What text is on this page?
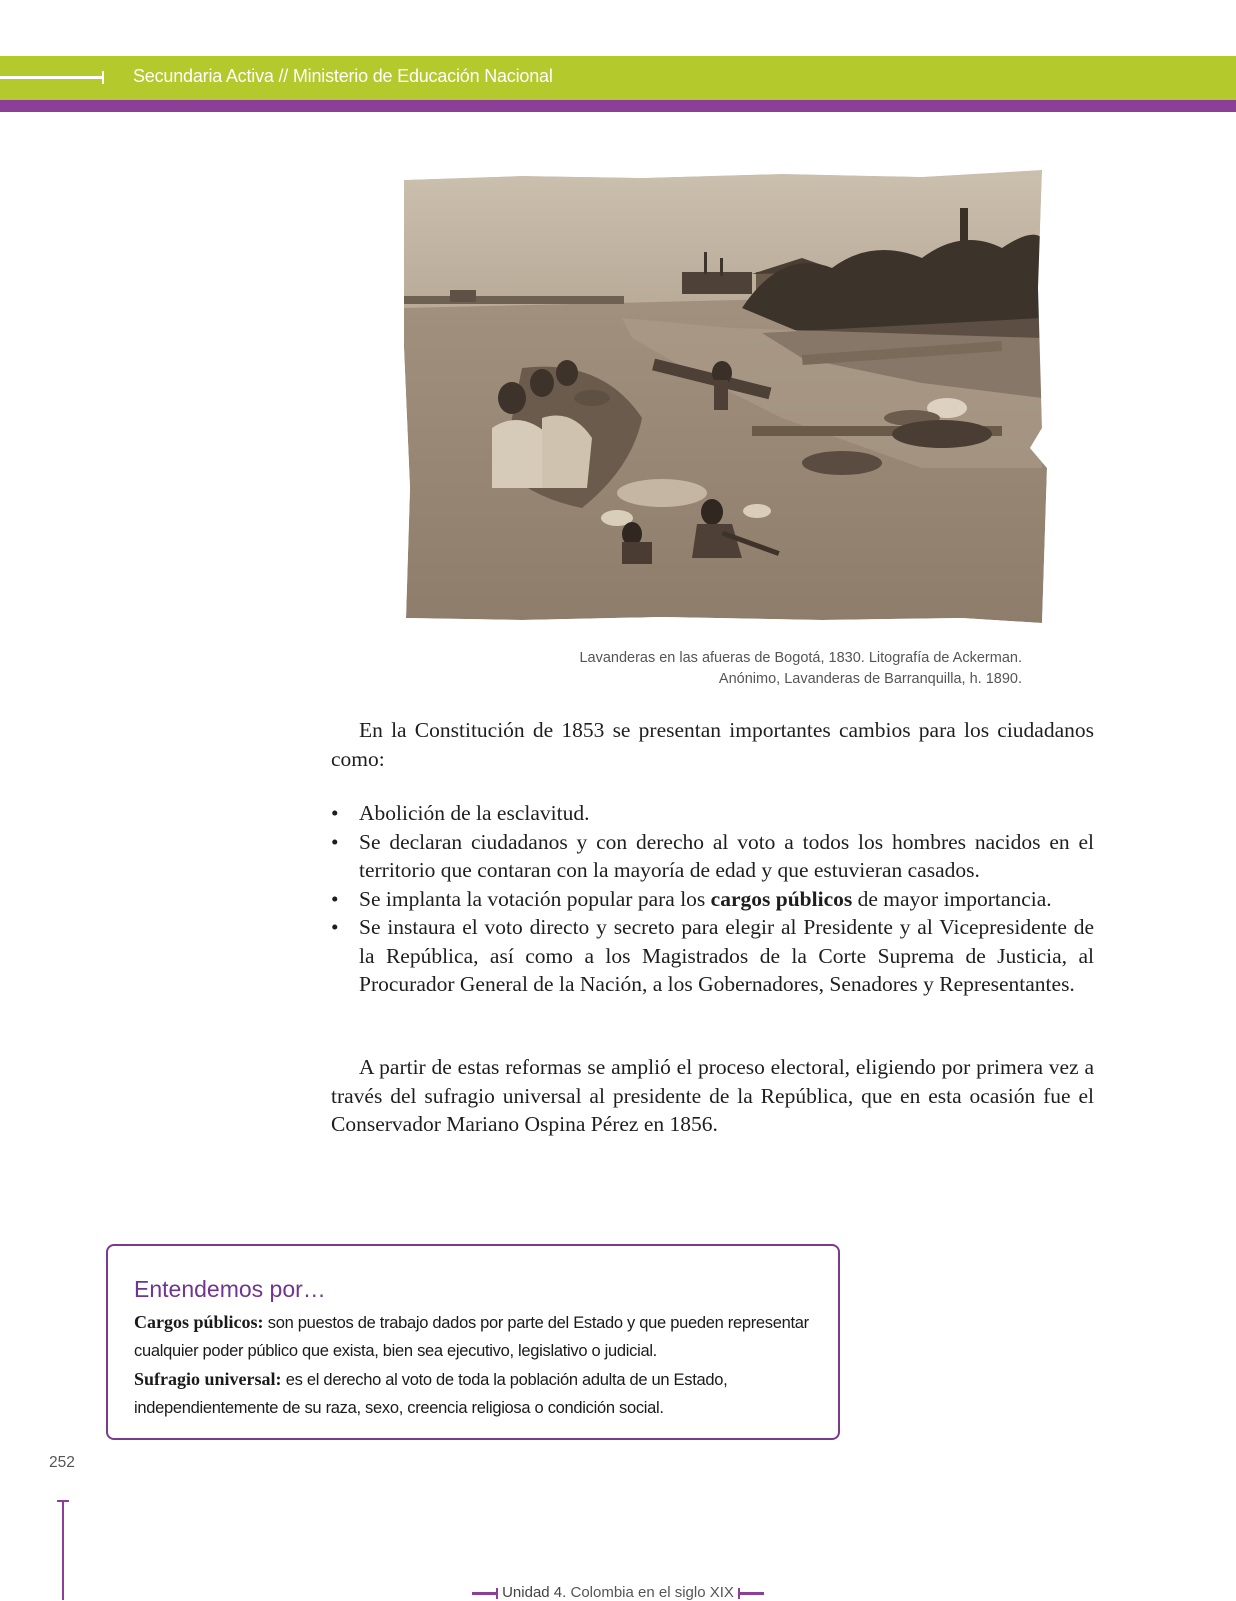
Secundaria Activa // Ministerio de Educación Nacional
Lavanderas en las afueras de Bogotá, 1830. Litografía de Ackerman.
Anónimo, Lavanderas de Barranquilla, h. 1890.
En la Constitución de 1853 se presentan importantes cambios para los ciudadanos como:
• Abolición de la esclavitud.
• Se declaran ciudadanos y con derecho al voto a todos los hombres nacidos en el territorio que contaran con la mayoría de edad y que estuvieran casados.
• Se implanta la votación popular para los cargos públicos de mayor importancia.
• Se instaura el voto directo y secreto para elegir al Presidente y al Vicepresidente de la República, así como a los Magistrados de la Corte Suprema de Justicia, al Procurador General de la Nación, a los Gobernadores, Senadores y Representantes.
A partir de estas reformas se amplió el proceso electoral, eligiendo por primera vez a través del sufragio universal al presidente de la República, que en esta ocasión fue el Conservador Mariano Ospina Pérez en 1856.
Entendemos por…
Cargos públicos: son puestos de trabajo dados por parte del Estado y que pueden representar cualquier poder público que exista, bien sea ejecutivo, legislativo o judicial.
Sufragio universal: es el derecho al voto de toda la población adulta de un Estado, independientemente de su raza, sexo, creencia religiosa o condición social.
252
Unidad 4. Colombia en el siglo XIX
